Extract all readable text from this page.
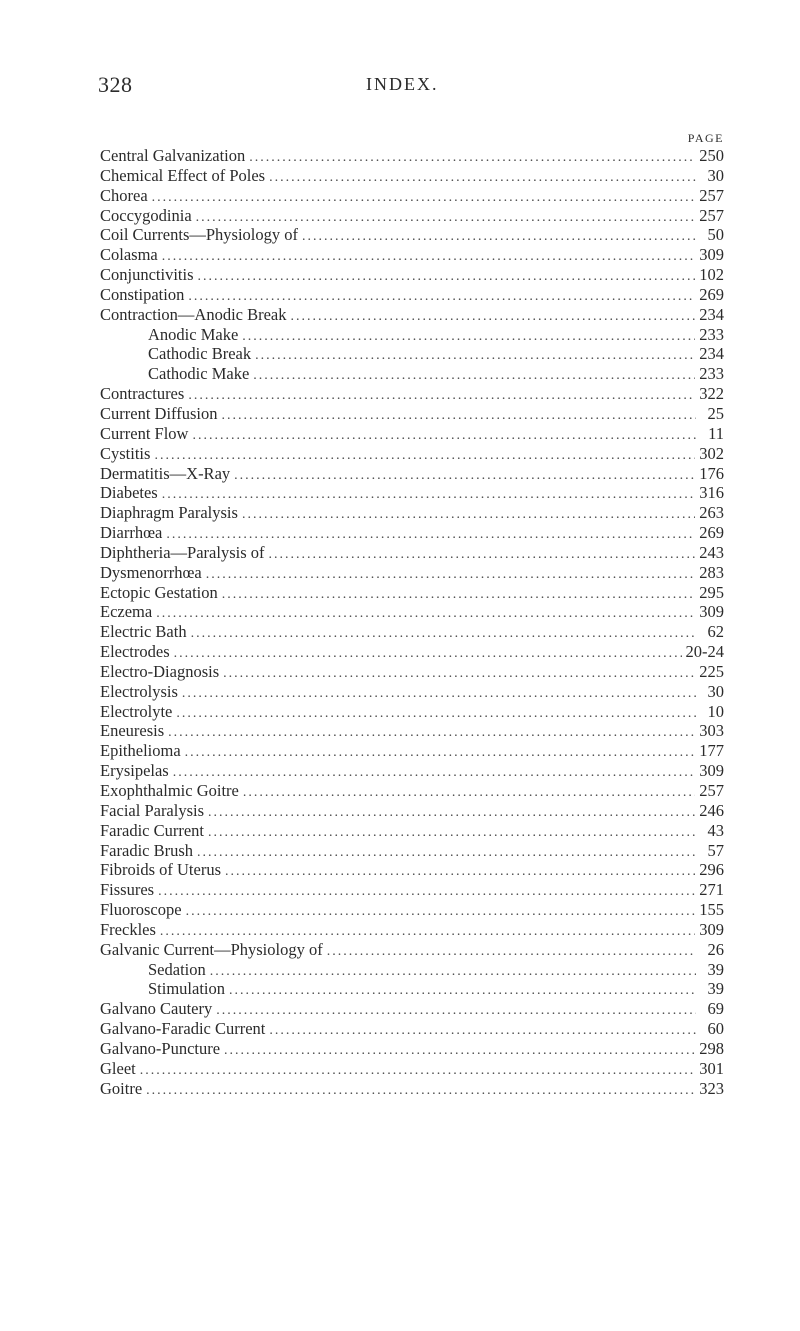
328	INDEX.
PAGE
Central Galvanization .....	250
Chemical Effect of Poles .....	30
Chorea .....	257
Coccygodinia .....	257
Coil Currents—Physiology of .....	50
Colasma .....	309
Conjunctivitis .....	102
Constipation .....	269
Contraction—Anodic Break .....	234
Anodic Make .....	233
Cathodic Break .....	234
Cathodic Make .....	233
Contractures .....	322
Current Diffusion .....	25
Current Flow .....	11
Cystitis .....	302
Dermatitis—X-Ray .....	176
Diabetes .....	316
Diaphragm Paralysis .....	263
Diarrhœa .....	269
Diphtheria—Paralysis of .....	243
Dysmenorrhœa .....	283
Ectopic Gestation .....	295
Eczema .....	309
Electric Bath .....	62
Electrodes .....	20-24
Electro-Diagnosis .....	225
Electrolysis .....	30
Electrolyte .....	10
Eneuresis .....	303
Epithelioma .....	177
Erysipelas .....	309
Exophthalmic Goitre .....	257
Facial Paralysis .....	246
Faradic Current .....	43
Faradic Brush .....	57
Fibroids of Uterus .....	296
Fissures .....	271
Fluoroscope .....	155
Freckles .....	309
Galvanic Current—Physiology of .....	26
Sedation .....	39
Stimulation .....	39
Galvano Cautery .....	69
Galvano-Faradic Current .....	60
Galvano-Puncture .....	298
Gleet .....	301
Goitre .....	323
